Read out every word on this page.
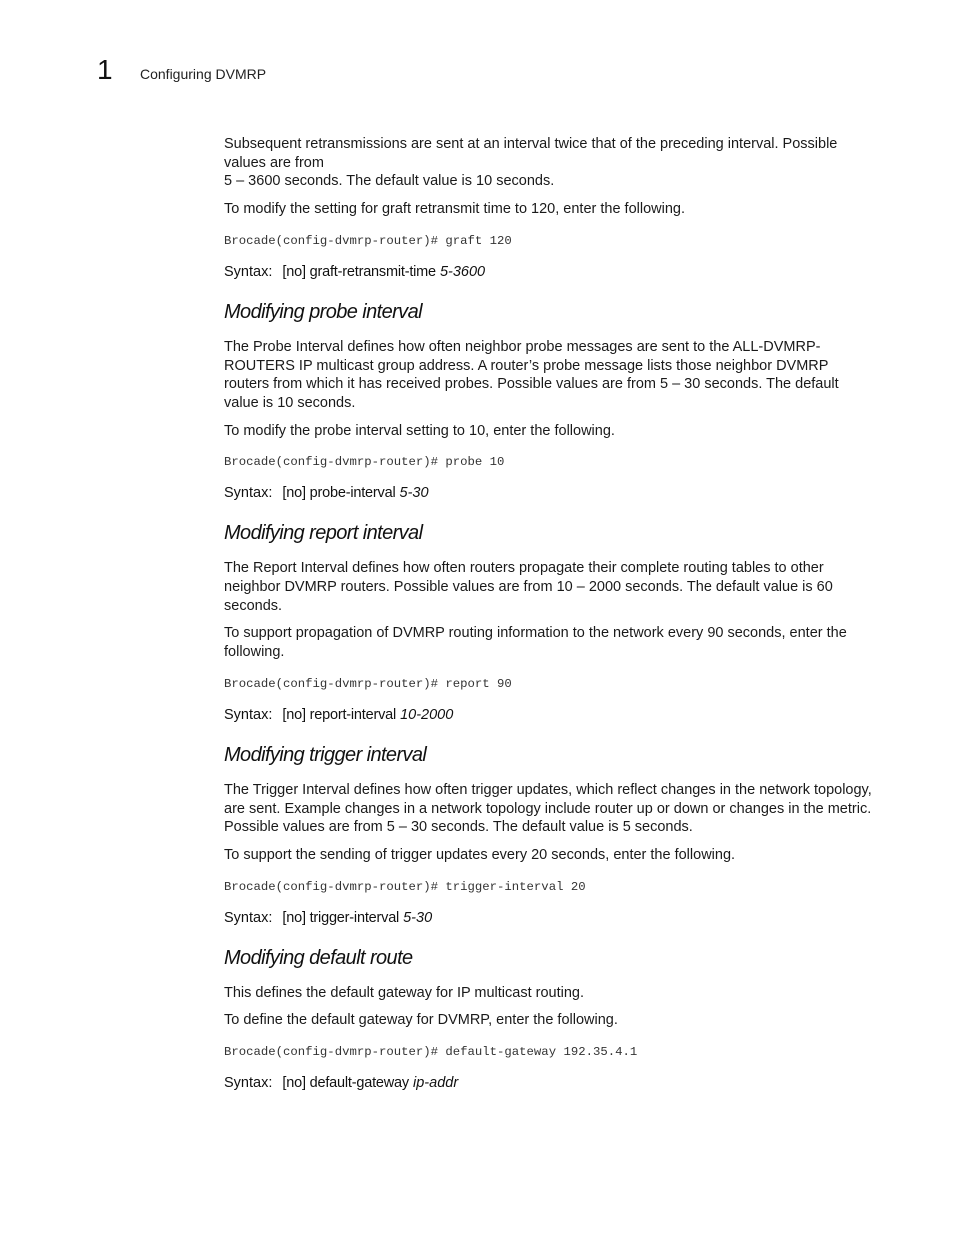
1 Configuring DVMRP

Subsequent retransmissions are sent at an interval twice that of the preceding interval. Possible values are from
5 – 3600 seconds. The default value is 10 seconds.

To modify the setting for graft retransmit time to 120, enter the following.

Brocade(config-dvmrp-router)# graft 120
Syntax: [no] graft-retransmit-time 5-3600
Modifying probe interval

The Probe Interval defines how often neighbor probe messages are sent to the ALL-DVMRP-ROUTERS IP multicast group address. A router’s probe message lists those neighbor DVMRP routers from which it has received probes. Possible values are from 5 – 30 seconds. The default value is 10 seconds.

To modify the probe interval setting to 10, enter the following.

Brocade(config-dvmrp-router)# probe 10
Syntax: [no] probe-interval 5-30
Modifying report interval

The Report Interval defines how often routers propagate their complete routing tables to other neighbor DVMRP routers. Possible values are from 10 – 2000 seconds. The default value is 60 seconds.

To support propagation of DVMRP routing information to the network every 90 seconds, enter the following.

Brocade(config-dvmrp-router)# report 90
Syntax: [no] report-interval 10-2000
Modifying trigger interval

The Trigger Interval defines how often trigger updates, which reflect changes in the network topology, are sent. Example changes in a network topology include router up or down or changes in the metric. Possible values are from 5 – 30 seconds. The default value is 5 seconds.

To support the sending of trigger updates every 20 seconds, enter the following.

Brocade(config-dvmrp-router)# trigger-interval 20
Syntax: [no] trigger-interval 5-30
Modifying default route

This defines the default gateway for IP multicast routing.

To define the default gateway for DVMRP, enter the following.

Brocade(config-dvmrp-router)# default-gateway 192.35.4.1
Syntax: [no] default-gateway ip-addr
